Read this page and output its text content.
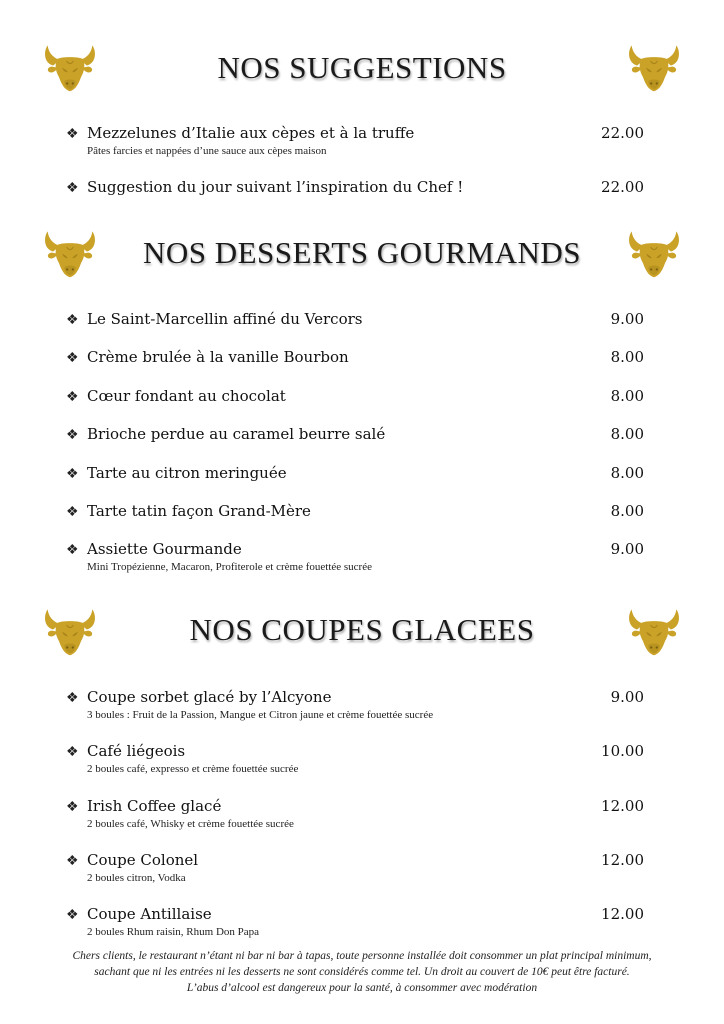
NOS SUGGESTIONS
❖ Mezzelunes d’Italie aux cèpes et à la truffe	22.00
Pâtes farcies et nappées d’une sauce aux cèpes maison
❖ Suggestion du jour suivant l’inspiration du Chef !	22.00
NOS DESSERTS GOURMANDS
❖ Le Saint-Marcellin affiné du Vercors	9.00
❖ Crème brulée à la vanille Bourbon	8.00
❖ Cœur fondant au chocolat	8.00
❖ Brioche perdue au caramel beurre salé	8.00
❖ Tarte au citron meringuée	8.00
❖ Tarte tatin façon Grand-Mère	8.00
❖ Assiette Gourmande	9.00
Mini Tropézienne, Macaron, Profiterole et crème fouettée sucrée
NOS COUPES GLACEES
❖ Coupe sorbet glacé by l’Alcyone	9.00
3 boules : Fruit de la Passion, Mangue et Citron jaune et crème fouettée sucrée
❖ Café liégeois	10.00
2 boules café, expresso et crème fouettée sucrée
❖ Irish Coffee glacé	12.00
2 boules café, Whisky et crème fouettée sucrée
❖ Coupe Colonel	12.00
2 boules citron, Vodka
❖ Coupe Antillaise	12.00
2 boules Rhum raisin, Rhum Don Papa
Chers clients, le restaurant n’étant ni bar ni bar à tapas, toute personne installée doit consommer un plat principal minimum,
sachant que ni les entrées ni les desserts ne sont considérés comme tel. Un droit au couvert de 10€ peut être facturé.
L’abus d’alcool est dangereux pour la santé, à consommer avec modération
